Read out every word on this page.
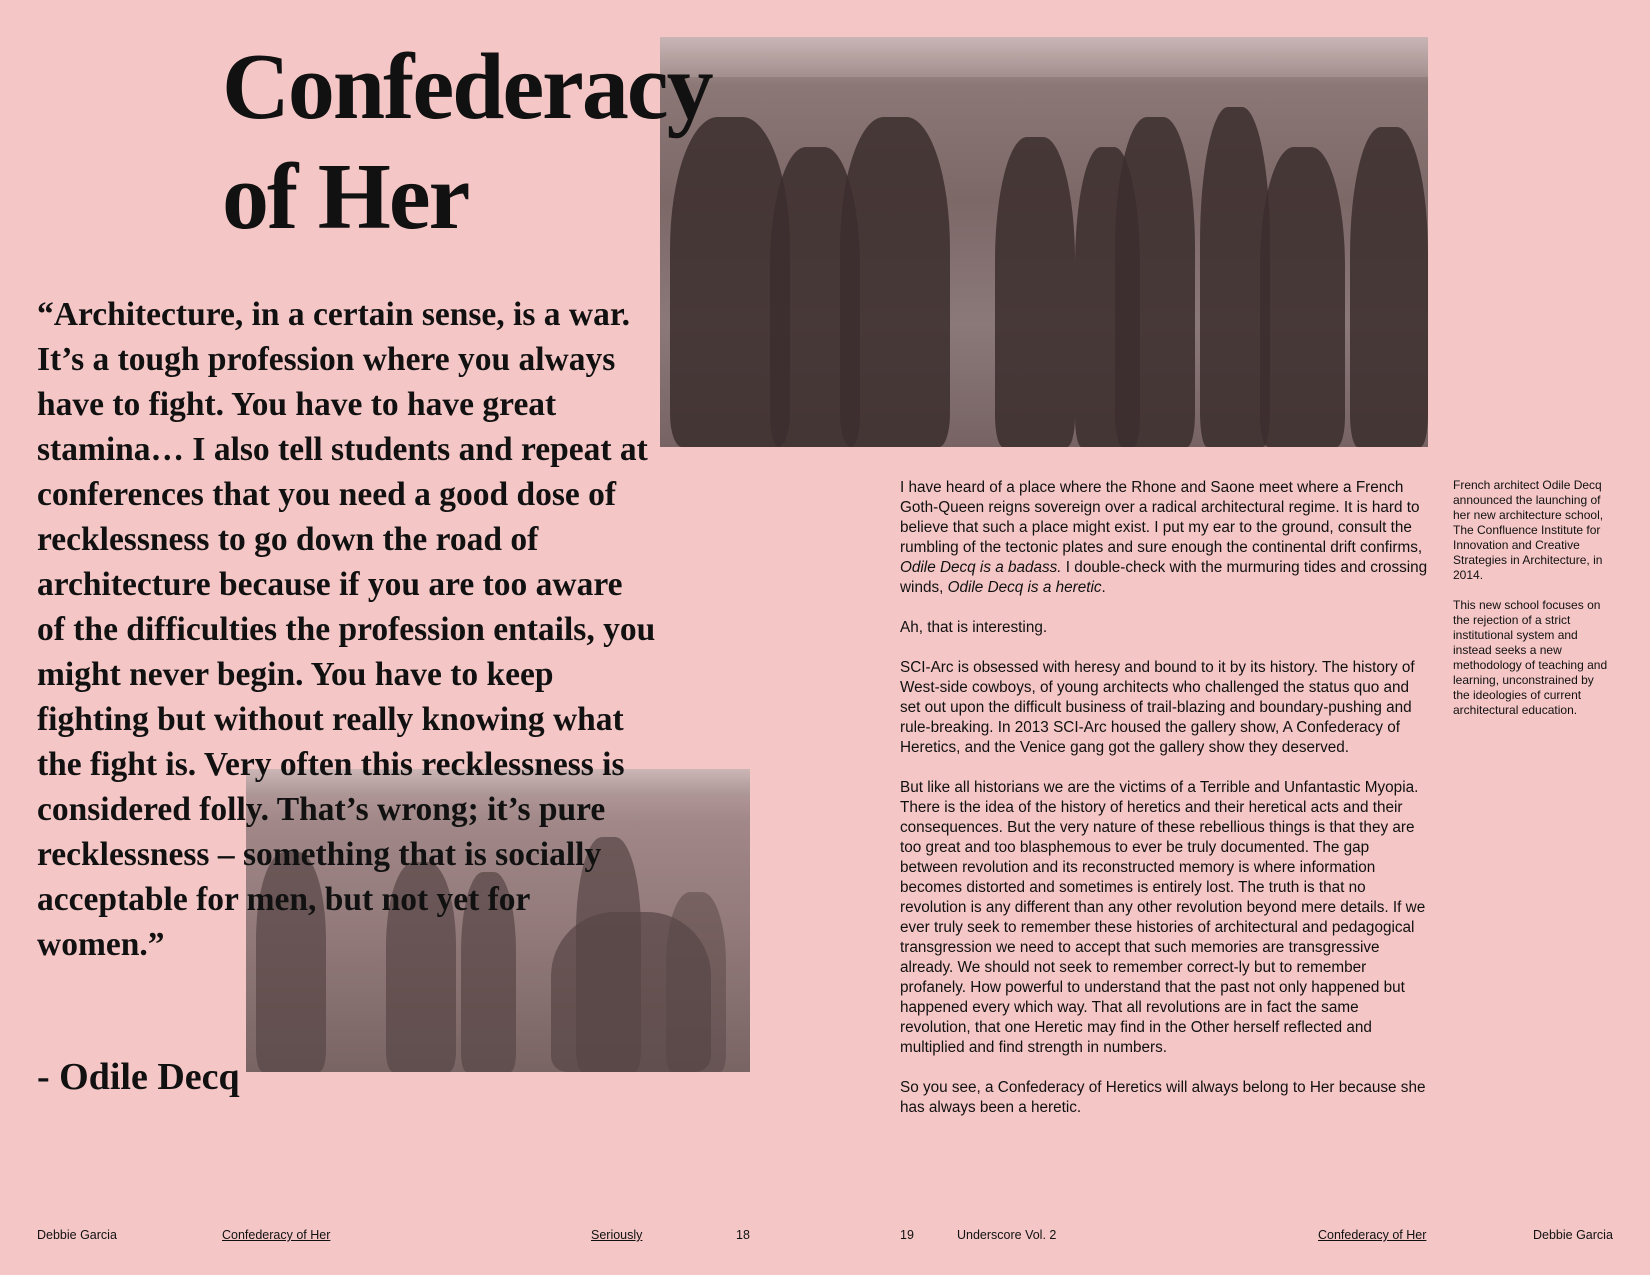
Confederacy
of Her

“Architecture, in a certain sense, is a war. It’s a tough profession where you always have to fight. You have to have great stamina… I also tell students and repeat at conferences that you need a good dose of recklessness to go down the road of architecture because if you are too aware of the difficulties the profession entails, you might never begin. You have to keep fighting but without really knowing what the fight is. Very often this recklessness is considered folly. That’s wrong; it’s pure recklessness – something that is socially acceptable for men, but not yet for women.”

- Odile Decq

I have heard of a place where the Rhone and Saone meet where a French Goth-Queen reigns sovereign over a radical architectural regime. It is hard to believe that such a place might exist. I put my ear to the ground, consult the rumbling of the tectonic plates and sure enough the continental drift confirms, Odile Decq is a badass. I double-check with the murmuring tides and crossing winds, Odile Decq is a heretic.

Ah, that is interesting.

SCI-Arc is obsessed with heresy and bound to it by its history. The history of West-side cowboys, of young architects who challenged the status quo and set out upon the difficult business of trail-blazing and boundary-pushing and rule-breaking. In 2013 SCI-Arc housed the gallery show, A Confederacy of Heretics, and the Venice gang got the gallery show they deserved.

But like all historians we are the victims of a Terrible and Unfantastic Myopia. There is the idea of the history of heretics and their heretical acts and their consequences. But the very nature of these rebellious things is that they are too great and too blasphemous to ever be truly documented. The gap between revolution and its reconstructed memory is where information becomes distorted and sometimes is entirely lost. The truth is that no revolution is any different than any other revolution beyond mere details. If we ever truly seek to remember these histories of architectural and pedagogical transgression we need to accept that such memories are transgressive already. We should not seek to remember correct-ly but to remember profanely. How powerful to understand that the past not only happened but happened every which way. That all revolutions are in fact the same revolution, that one Heretic may find in the Other herself reflected and multiplied and find strength in numbers.

So you see, a Confederacy of Heretics will always belong to Her because she has always been a heretic.

French architect Odile Decq announced the launching of her new architecture school, The Confluence Institute for Innovation and Creative Strategies in Architecture, in 2014.

This new school focuses on the rejection of a strict institutional system and instead seeks a new methodology of teaching and learning, unconstrained by the ideologies of current architectural education.

Debbie Garcia	Confederacy of Her	Seriously	18	19	Underscore Vol. 2	Confederacy of Her	Debbie Garcia
